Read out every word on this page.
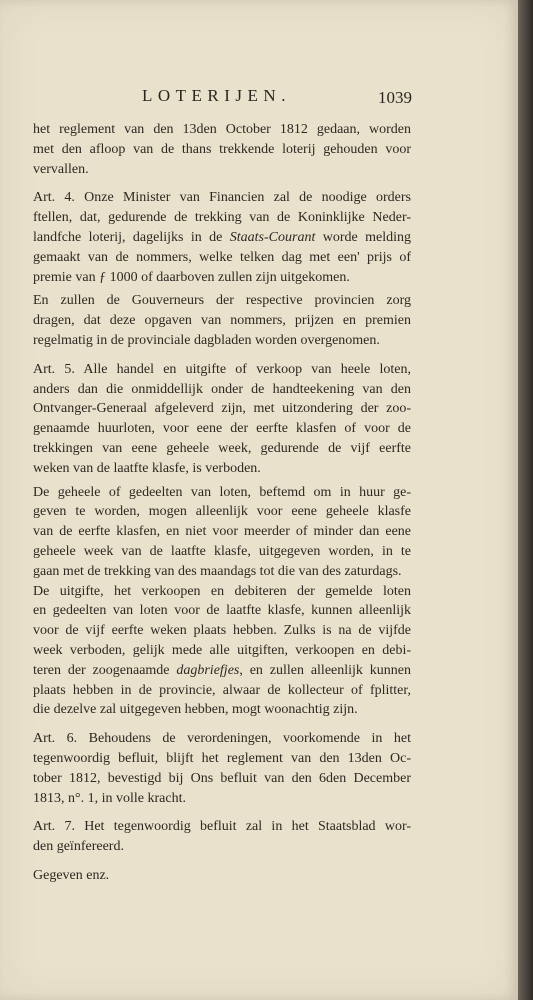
LOTERIJEN.	1039

het reglement van den 13den October 1812 gedaan, worden
met den afloop van de thans trekkende loterij gehouden voor
vervallen.

Art. 4. Onze Minister van Financien zal de noodige orders
ftellen, dat, gedurende de trekking van de Koninklijke Neder-
landfche loterij, dagelijks in de Staats-Courant worde melding
gemaakt van de nommers, welke telken dag met een' prijs of
premie van ƒ 1000 of daarboven zullen zijn uitgekomen.

En zullen de Gouverneurs der respective provincien zorg
dragen, dat deze opgaven van nommers, prijzen en premien
regelmatig in de provinciale dagbladen worden overgenomen.

Art. 5. Alle handel en uitgifte of verkoop van heele loten,
anders dan die onmiddellijk onder de handteekening van den
Ontvanger-Generaal afgeleverd zijn, met uitzondering der zoo-
genaamde huurloten, voor eene der eerfte klasfen of voor de
trekkingen van eene geheele week, gedurende de vijf eerfte
weken van de laatfte klasfe, is verboden.

De geheele of gedeelten van loten, beftemd om in huur ge-
geven te worden, mogen alleenlijk voor eene geheele klasfe
van de eerfte klasfen, en niet voor meerder of minder dan eene
geheele week van de laatfte klasfe, uitgegeven worden, in te
gaan met de trekking van des maandags tot die van des zaturdags.

De uitgifte, het verkoopen en debiteren der gemelde loten
en gedeelten van loten voor de laatfte klasfe, kunnen alleenlijk
voor de vijf eerfte weken plaats hebben. Zulks is na de vijfde
week verboden, gelijk mede alle uitgiften, verkoopen en debi-
teren der zoogenaamde dagbriefjes, en zullen alleenlijk kunnen
plaats hebben in de provincie, alwaar de kollecteur of fplitter,
die dezelve zal uitgegeven hebben, mogt woonachtig zijn.

Art. 6. Behoudens de verordeningen, voorkomende in het
tegenwoordig befluit, blijft het reglement van den 13den Oc-
tober 1812, bevestigd bij Ons befluit van den 6den December
1813, n°. 1, in volle kracht.

Art. 7. Het tegenwoordig befluit zal in het Staatsblad wor-
den geïnfereerd.

Gegeven enz.
